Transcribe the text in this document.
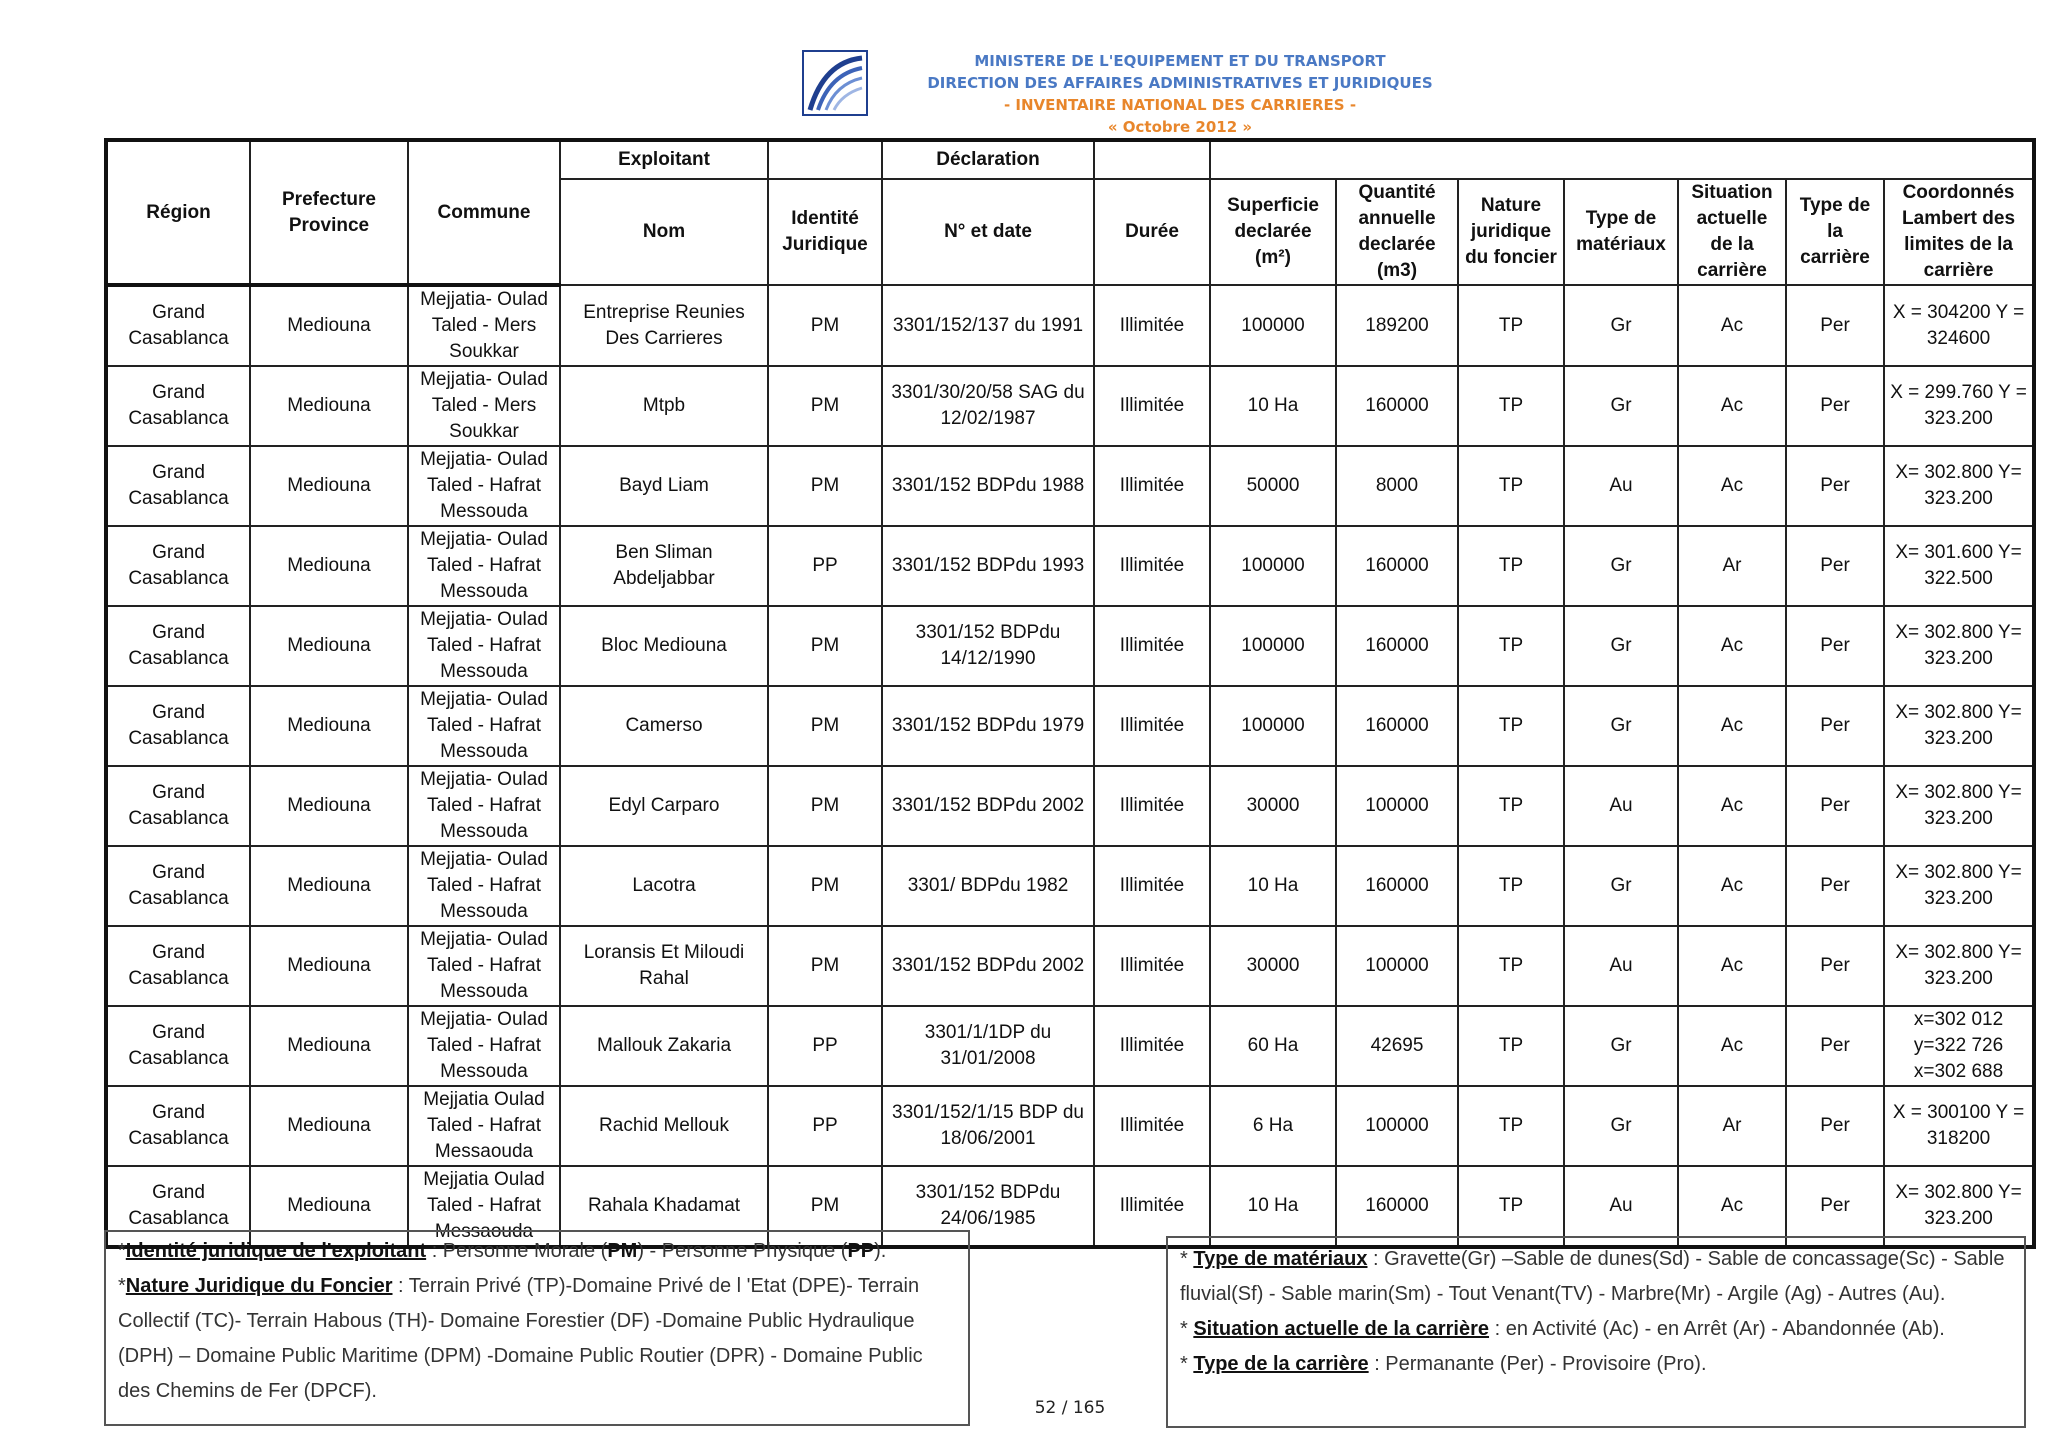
MINISTERE DE L'EQUIPEMENT ET DU TRANSPORT
DIRECTION DES AFFAIRES ADMINISTRATIVES ET JURIDIQUES
- INVENTAIRE NATIONAL DES CARRIERES -
« Octobre 2012 »
Région	Prefecture Province	Commune	Exploitant		Déclaration								
			Nom	Identité Juridique	N° et date	Durée	Superficie declarée (m²)	Quantité annuelle declarée (m3)	Nature juridique du foncier	Type de matériaux	Situation actuelle de la carrière	Type de la carrière	Coordonnés Lambert des limites de la carrière
Grand Casablanca	Mediouna	Mejjatia- Oulad Taled - Mers Soukkar	Entreprise Reunies Des Carrieres	PM	3301/152/137 du 1991	Illimitée	100000	189200	TP	Gr	Ac	Per	X = 304200 Y = 324600
Grand Casablanca	Mediouna	Mejjatia- Oulad Taled - Mers Soukkar	Mtpb	PM	3301/30/20/58 SAG du 12/02/1987	Illimitée	10 Ha	160000	TP	Gr	Ac	Per	X = 299.760 Y = 323.200
Grand Casablanca	Mediouna	Mejjatia- Oulad Taled - Hafrat Messouda	Bayd Liam	PM	3301/152 BDPdu 1988	Illimitée	50000	8000	TP	Au	Ac	Per	X= 302.800 Y= 323.200
Grand Casablanca	Mediouna	Mejjatia- Oulad Taled - Hafrat Messouda	Ben Sliman Abdeljabbar	PP	3301/152 BDPdu 1993	Illimitée	100000	160000	TP	Gr	Ar	Per	X= 301.600 Y= 322.500
Grand Casablanca	Mediouna	Mejjatia- Oulad Taled - Hafrat Messouda	Bloc Mediouna	PM	3301/152 BDPdu 14/12/1990	Illimitée	100000	160000	TP	Gr	Ac	Per	X= 302.800 Y= 323.200
Grand Casablanca	Mediouna	Mejjatia- Oulad Taled - Hafrat Messouda	Camerso	PM	3301/152 BDPdu 1979	Illimitée	100000	160000	TP	Gr	Ac	Per	X= 302.800 Y= 323.200
Grand Casablanca	Mediouna	Mejjatia- Oulad Taled - Hafrat Messouda	Edyl Carparo	PM	3301/152 BDPdu 2002	Illimitée	30000	100000	TP	Au	Ac	Per	X= 302.800 Y= 323.200
Grand Casablanca	Mediouna	Mejjatia- Oulad Taled - Hafrat Messouda	Lacotra	PM	3301/ BDPdu 1982	Illimitée	10 Ha	160000	TP	Gr	Ac	Per	X= 302.800 Y= 323.200
Grand Casablanca	Mediouna	Mejjatia- Oulad Taled - Hafrat Messouda	Loransis Et Miloudi Rahal	PM	3301/152 BDPdu 2002	Illimitée	30000	100000	TP	Au	Ac	Per	X= 302.800 Y= 323.200
Grand Casablanca	Mediouna	Mejjatia- Oulad Taled - Hafrat Messouda	Mallouk Zakaria	PP	3301/1/1DP du 31/01/2008	Illimitée	60 Ha	42695	TP	Gr	Ac	Per	x=302 012 y=322 726 x=302 688
Grand Casablanca	Mediouna	Mejjatia Oulad Taled - Hafrat Messaouda	Rachid Mellouk	PP	3301/152/1/15 BDP du 18/06/2001	Illimitée	6 Ha	100000	TP	Gr	Ar	Per	X = 300100 Y = 318200
Grand Casablanca	Mediouna	Mejjatia Oulad Taled - Hafrat Messaouda	Rahala Khadamat	PM	3301/152 BDPdu 24/06/1985	Illimitée	10 Ha	160000	TP	Au	Ac	Per	X= 302.800 Y= 323.200
*Identité juridique de l'exploitant : Personne Morale (PM) - Personne Physique (PP).
*Nature Juridique du Foncier : Terrain Privé (TP)-Domaine Privé de l 'Etat (DPE)- Terrain Collectif (TC)- Terrain Habous (TH)- Domaine Forestier (DF) -Domaine Public Hydraulique (DPH) – Domaine Public Maritime (DPM) -Domaine Public Routier (DPR) - Domaine Public des Chemins de Fer (DPCF).
* Type de matériaux : Gravette(Gr) –Sable de dunes(Sd) - Sable de concassage(Sc) - Sable fluvial(Sf) - Sable marin(Sm) - Tout Venant(TV) - Marbre(Mr) - Argile (Ag) - Autres (Au).
* Situation actuelle de la carrière : en Activité (Ac) - en Arrêt (Ar) - Abandonnée (Ab).
* Type de la carrière : Permanante (Per) - Provisoire (Pro).
52 / 165
